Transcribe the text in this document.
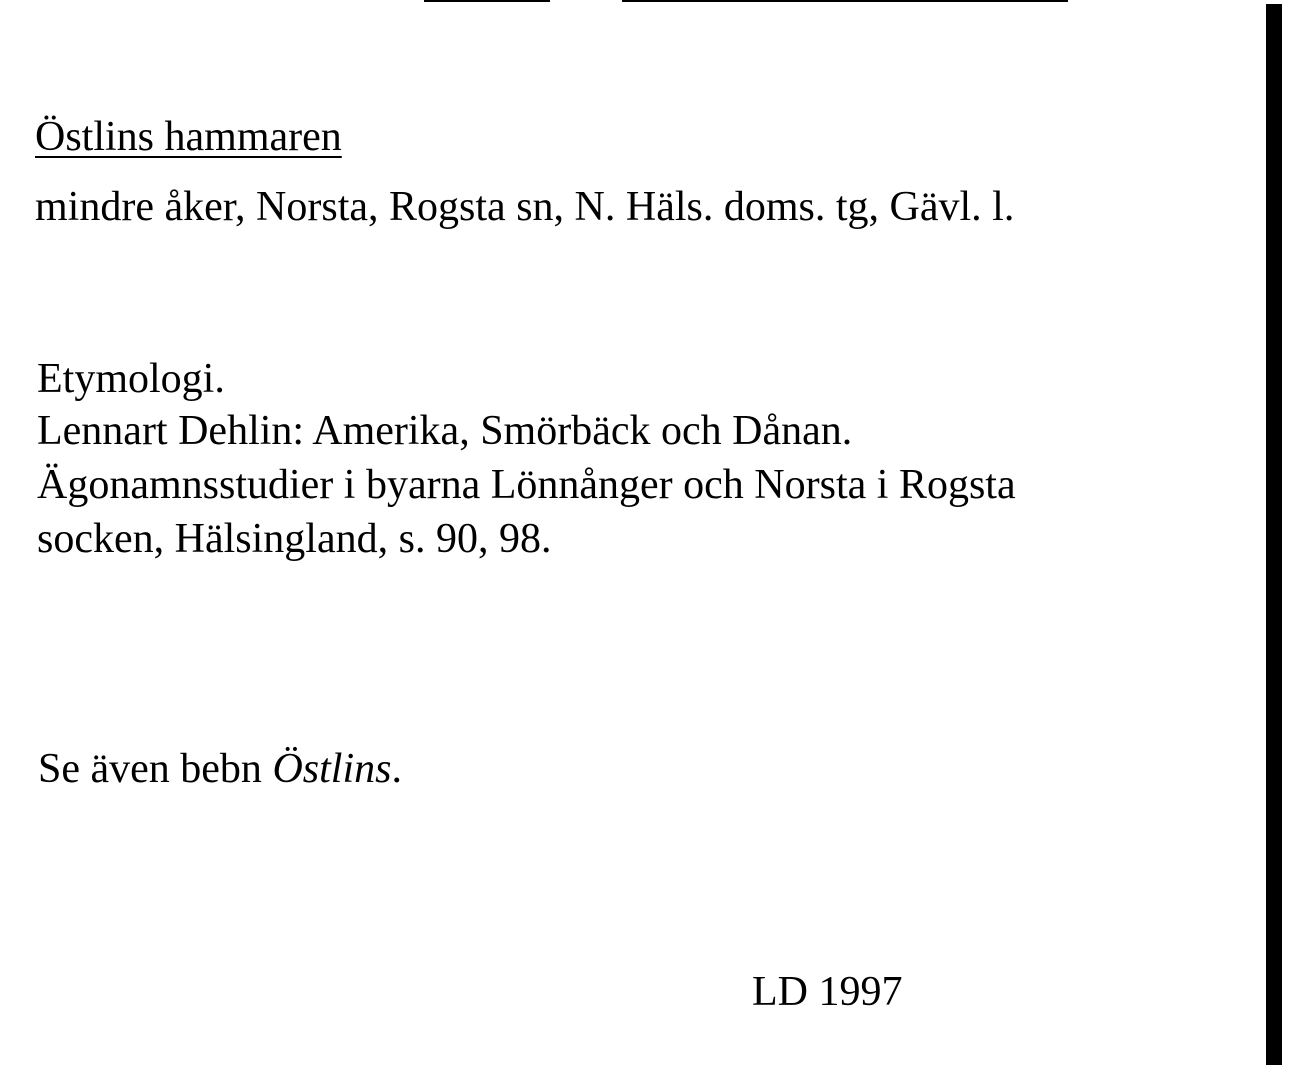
Östlins hammaren
mindre åker, Norsta, Rogsta sn, N. Häls. doms. tg, Gävl. l.
Etymologi.
Lennart Dehlin: Amerika, Smörbäck och Dånan.
Ägonamnsstudier i byarna Lönnånger och Norsta i Rogsta
socken, Hälsingland, s. 90, 98.
Se även bebn Östlins.
LD 1997
